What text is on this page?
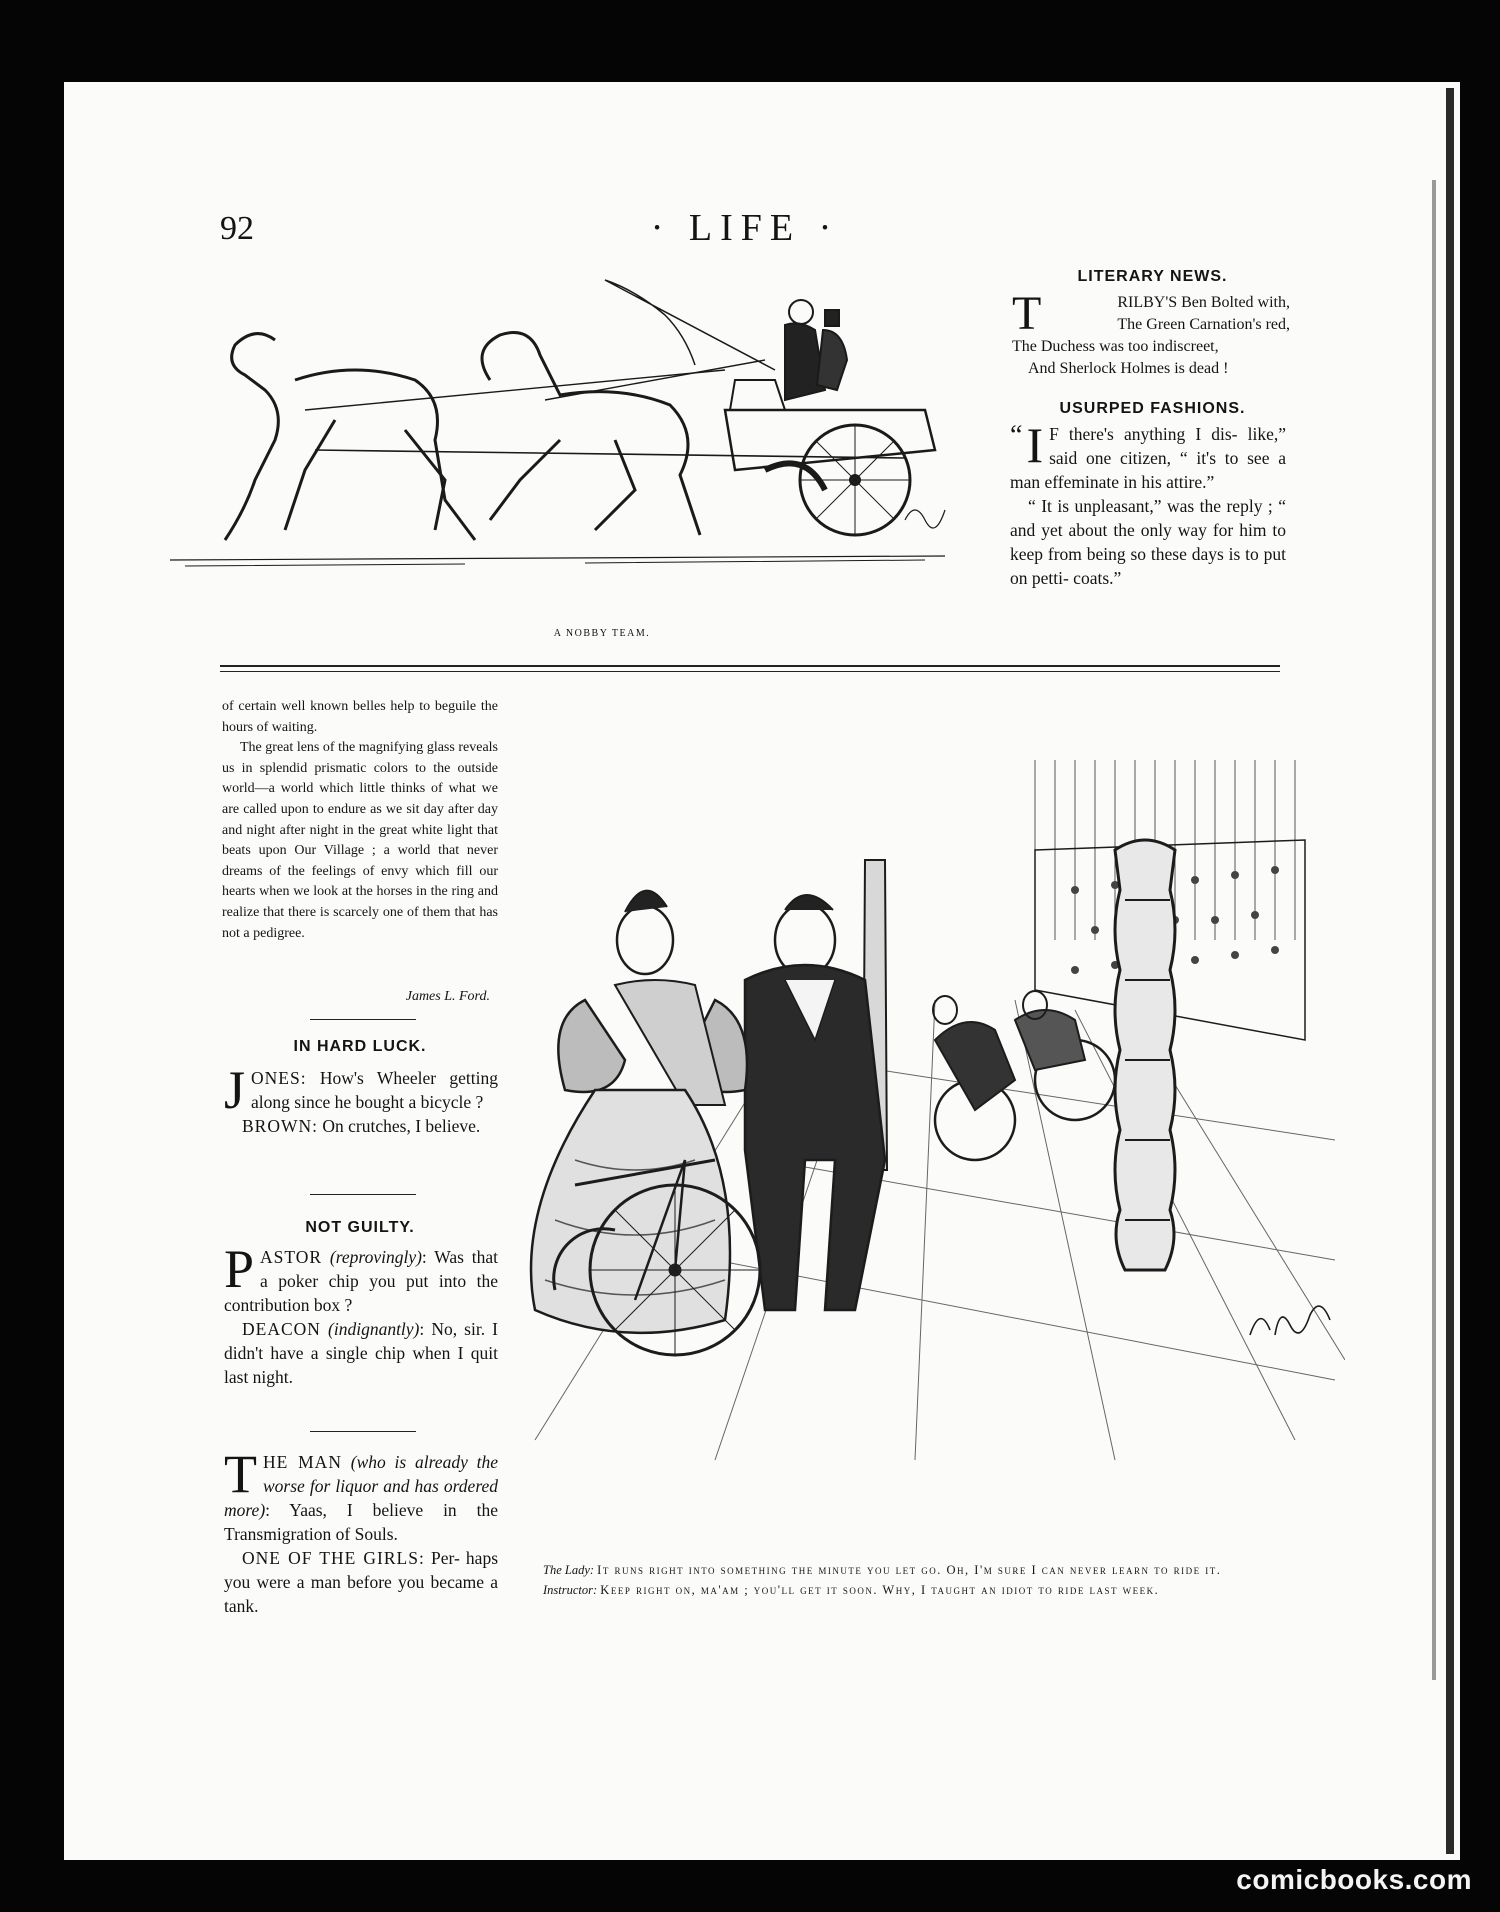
92	· LIFE ·
A NOBBY TEAM.
LITERARY NEWS.
T	RILBY'S Ben Bolted with,
The Green Carnation's red,
The Duchess was too indiscreet,
And Sherlock Holmes is dead !
USURPED FASHIONS.
“ I F there's anything I dis- like,” said one citizen, “ it's to see a man effeminate in his attire.”
“ It is unpleasant,” was the reply ; “ and yet about the only way for him to keep from being so these days is to put on petti- coats.”
of certain well known belles help to beguile the hours of waiting.
The great lens of the magnifying glass reveals us in splendid prismatic colors to the outside world—a world which little thinks of what we are called upon to endure as we sit day after day and night after night in the great white light that beats upon Our Village ; a world that never dreams of the feelings of envy which fill our hearts when we look at the horses in the ring and realize that there is scarcely one of them that has not a pedigree.
James L. Ford.
IN HARD LUCK.
J ONES: How's Wheeler getting along since he bought a bicycle ?
BROWN: On crutches, I believe.
NOT GUILTY.
P ASTOR (reprovingly): Was that a poker chip you put into the contribution box ?
DEACON (indignantly): No, sir. I didn't have a single chip when I quit last night.
T HE MAN (who is already the worse for liquor and has ordered more): Yaas, I believe in the Transmigration of Souls.
ONE OF THE GIRLS: Per- haps you were a man before you became a tank.
The Lady: It runs right into something the minute you let go. Oh, I'm sure I can never learn to ride it.
Instructor: Keep right on, ma'am ; you'll get it soon. Why, I taught an idiot to ride last week.
comicbooks.com
